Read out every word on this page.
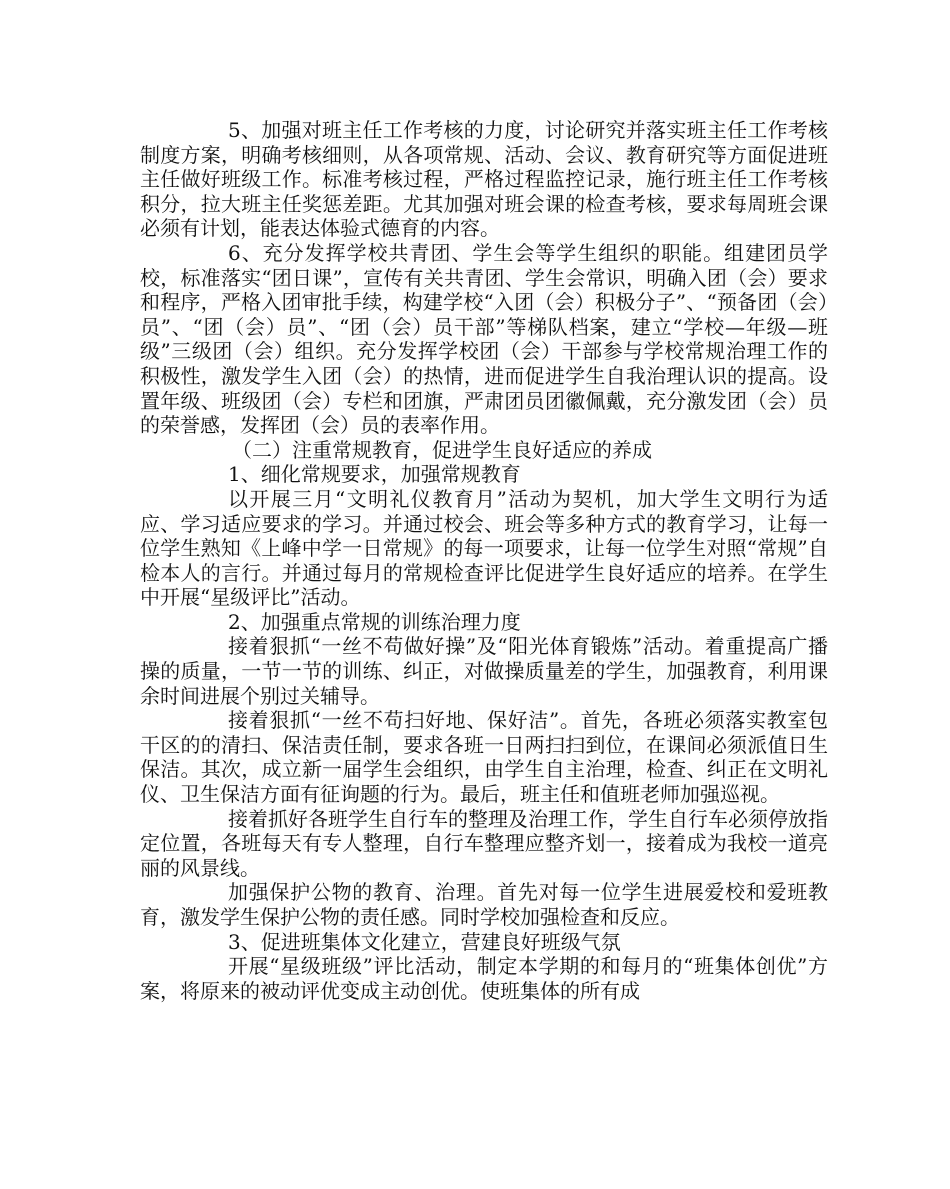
5、加强对班主任工作考核的力度，讨论研究并落实班主任工作考核制度方案，明确考核细则，从各项常规、活动、会议、教育研究等方面促进班主任做好班级工作。标准考核过程，严格过程监控记录，施行班主任工作考核积分，拉大班主任奖惩差距。尤其加强对班会课的检查考核，要求每周班会课必须有计划，能表达体验式德育的内容。

6、充分发挥学校共青团、学生会等学生组织的职能。组建团员学校，标准落实“团日课”，宣传有关共青团、学生会常识，明确入团（会）要求和程序，严格入团审批手续，构建学校“入团（会）积极分子”、“预备团（会）员”、“团（会）员”、“团（会）员干部”等梯队档案，建立“学校—年级—班级”三级团（会）组织。充分发挥学校团（会）干部参与学校常规治理工作的积极性，激发学生入团（会）的热情，进而促进学生自我治理认识的提高。设置年级、班级团（会）专栏和团旗，严肃团员团徽佩戴，充分激发团（会）员的荣誉感，发挥团（会）员的表率作用。

（二）注重常规教育，促进学生良好适应的养成

1、细化常规要求，加强常规教育

以开展三月“文明礼仪教育月”活动为契机，加大学生文明行为适应、学习适应要求的学习。并通过校会、班会等多种方式的教育学习，让每一位学生熟知《上峰中学一日常规》的每一项要求，让每一位学生对照“常规”自检本人的言行。并通过每月的常规检查评比促进学生良好适应的培养。在学生中开展“星级评比”活动。

2、加强重点常规的训练治理力度

接着狠抓“一丝不苟做好操”及“阳光体育锻炼”活动。着重提高广播操的质量，一节一节的训练、纠正，对做操质量差的学生，加强教育，利用课余时间进展个别过关辅导。

接着狠抓“一丝不苟扫好地、保好洁”。首先，各班必须落实教室包干区的的清扫、保洁责任制，要求各班一日两扫扫到位，在课间必须派值日生保洁。其次，成立新一届学生会组织，由学生自主治理，检查、纠正在文明礼仪、卫生保洁方面有征询题的行为。最后，班主任和值班老师加强巡视。

接着抓好各班学生自行车的整理及治理工作，学生自行车必须停放指定位置，各班每天有专人整理，自行车整理应整齐划一，接着成为我校一道亮丽的风景线。

加强保护公物的教育、治理。首先对每一位学生进展爱校和爱班教育，激发学生保护公物的责任感。同时学校加强检查和反应。

3、促进班集体文化建立，营建良好班级气氛

开展“星级班级”评比活动，制定本学期的和每月的“班集体创优”方案，将原来的被动评优变成主动创优。使班集体的所有成
